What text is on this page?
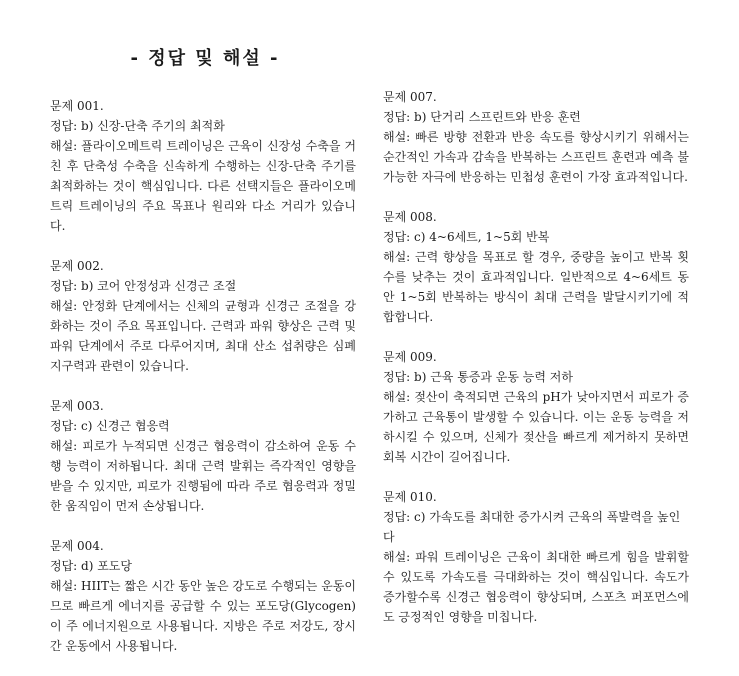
- 정답 및 해설 -
문제 001.
정답: b) 신장-단축 주기의 최적화
해설: 플라이오메트릭 트레이닝은 근육이 신장성 수축을 거친 후 단축성 수축을 신속하게 수행하는 신장-단축 주기를 최적화하는 것이 핵심입니다. 다른 선택지들은 플라이오메트릭 트레이닝의 주요 목표나 원리와 다소 거리가 있습니다.
문제 002.
정답: b) 코어 안정성과 신경근 조절
해설: 안정화 단계에서는 신체의 균형과 신경근 조절을 강화하는 것이 주요 목표입니다. 근력과 파워 향상은 근력 및 파워 단계에서 주로 다루어지며, 최대 산소 섭취량은 심폐 지구력과 관련이 있습니다.
문제 003.
정답: c) 신경근 협응력
해설: 피로가 누적되면 신경근 협응력이 감소하여 운동 수행 능력이 저하됩니다. 최대 근력 발휘는 즉각적인 영향을 받을 수 있지만, 피로가 진행됨에 따라 주로 협응력과 정밀한 움직임이 먼저 손상됩니다.
문제 004.
정답: d) 포도당
해설: HIIT는 짧은 시간 동안 높은 강도로 수행되는 운동이므로 빠르게 에너지를 공급할 수 있는 포도당(Glycogen)이 주 에너지원으로 사용됩니다. 지방은 주로 저강도, 장시간 운동에서 사용됩니다.
문제 007.
정답: b) 단거리 스프린트와 반응 훈련
해설: 빠른 방향 전환과 반응 속도를 향상시키기 위해서는 순간적인 가속과 감속을 반복하는 스프린트 훈련과 예측 불가능한 자극에 반응하는 민첩성 훈련이 가장 효과적입니다.
문제 008.
정답: c) 4~6세트, 1~5회 반복
해설: 근력 향상을 목표로 할 경우, 중량을 높이고 반복 횟수를 낮추는 것이 효과적입니다. 일반적으로 4~6세트 동안 1~5회 반복하는 방식이 최대 근력을 발달시키기에 적합합니다.
문제 009.
정답: b) 근육 통증과 운동 능력 저하
해설: 젖산이 축적되면 근육의 pH가 낮아지면서 피로가 증가하고 근육통이 발생할 수 있습니다. 이는 운동 능력을 저하시킬 수 있으며, 신체가 젖산을 빠르게 제거하지 못하면 회복 시간이 길어집니다.
문제 010.
정답: c) 가속도를 최대한 증가시켜 근육의 폭발력을 높인다
해설: 파워 트레이닝은 근육이 최대한 빠르게 힘을 발휘할 수 있도록 가속도를 극대화하는 것이 핵심입니다. 속도가 증가할수록 신경근 협응력이 향상되며, 스포츠 퍼포먼스에도 긍정적인 영향을 미칩니다.
